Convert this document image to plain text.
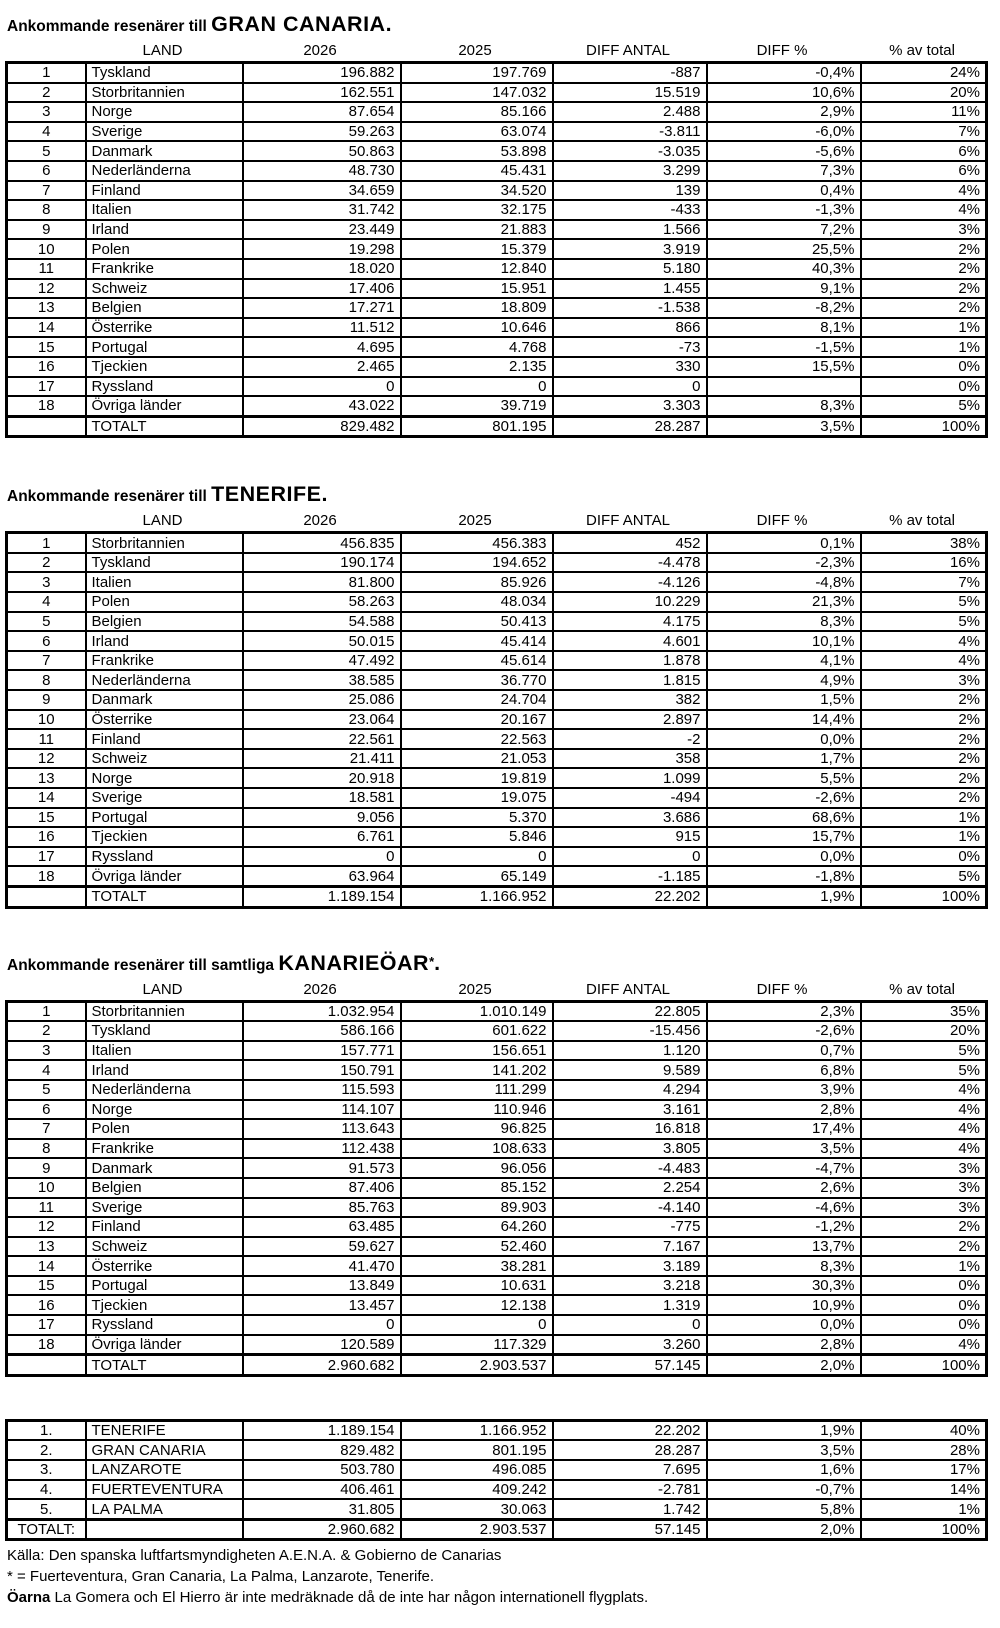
Ankommande resenärer till GRAN CANARIA.
	LAND	2026	2025	DIFF ANTAL	DIFF %	% av total
1	Tyskland	196.882	197.769	-887	-0,4%	24%
2	Storbritannien	162.551	147.032	15.519	10,6%	20%
3	Norge	87.654	85.166	2.488	2,9%	11%
4	Sverige	59.263	63.074	-3.811	-6,0%	7%
5	Danmark	50.863	53.898	-3.035	-5,6%	6%
6	Nederländerna	48.730	45.431	3.299	7,3%	6%
7	Finland	34.659	34.520	139	0,4%	4%
8	Italien	31.742	32.175	-433	-1,3%	4%
9	Irland	23.449	21.883	1.566	7,2%	3%
10	Polen	19.298	15.379	3.919	25,5%	2%
11	Frankrike	18.020	12.840	5.180	40,3%	2%
12	Schweiz	17.406	15.951	1.455	9,1%	2%
13	Belgien	17.271	18.809	-1.538	-8,2%	2%
14	Österrike	11.512	10.646	866	8,1%	1%
15	Portugal	4.695	4.768	-73	-1,5%	1%
16	Tjeckien	2.465	2.135	330	15,5%	0%
17	Ryssland	0	0	0		0%
18	Övriga länder	43.022	39.719	3.303	8,3%	5%
	TOTALT	829.482	801.195	28.287	3,5%	100%
Ankommande resenärer till TENERIFE.
	LAND	2026	2025	DIFF ANTAL	DIFF %	% av total
1	Storbritannien	456.835	456.383	452	0,1%	38%
2	Tyskland	190.174	194.652	-4.478	-2,3%	16%
3	Italien	81.800	85.926	-4.126	-4,8%	7%
4	Polen	58.263	48.034	10.229	21,3%	5%
5	Belgien	54.588	50.413	4.175	8,3%	5%
6	Irland	50.015	45.414	4.601	10,1%	4%
7	Frankrike	47.492	45.614	1.878	4,1%	4%
8	Nederländerna	38.585	36.770	1.815	4,9%	3%
9	Danmark	25.086	24.704	382	1,5%	2%
10	Österrike	23.064	20.167	2.897	14,4%	2%
11	Finland	22.561	22.563	-2	0,0%	2%
12	Schweiz	21.411	21.053	358	1,7%	2%
13	Norge	20.918	19.819	1.099	5,5%	2%
14	Sverige	18.581	19.075	-494	-2,6%	2%
15	Portugal	9.056	5.370	3.686	68,6%	1%
16	Tjeckien	6.761	5.846	915	15,7%	1%
17	Ryssland	0	0	0	0,0%	0%
18	Övriga länder	63.964	65.149	-1.185	-1,8%	5%
	TOTALT	1.189.154	1.166.952	22.202	1,9%	100%
Ankommande resenärer till samtliga KANARIEÖAR*.
	LAND	2026	2025	DIFF ANTAL	DIFF %	% av total
1	Storbritannien	1.032.954	1.010.149	22.805	2,3%	35%
2	Tyskland	586.166	601.622	-15.456	-2,6%	20%
3	Italien	157.771	156.651	1.120	0,7%	5%
4	Irland	150.791	141.202	9.589	6,8%	5%
5	Nederländerna	115.593	111.299	4.294	3,9%	4%
6	Norge	114.107	110.946	3.161	2,8%	4%
7	Polen	113.643	96.825	16.818	17,4%	4%
8	Frankrike	112.438	108.633	3.805	3,5%	4%
9	Danmark	91.573	96.056	-4.483	-4,7%	3%
10	Belgien	87.406	85.152	2.254	2,6%	3%
11	Sverige	85.763	89.903	-4.140	-4,6%	3%
12	Finland	63.485	64.260	-775	-1,2%	2%
13	Schweiz	59.627	52.460	7.167	13,7%	2%
14	Österrike	41.470	38.281	3.189	8,3%	1%
15	Portugal	13.849	10.631	3.218	30,3%	0%
16	Tjeckien	13.457	12.138	1.319	10,9%	0%
17	Ryssland	0	0	0	0,0%	0%
18	Övriga länder	120.589	117.329	3.260	2,8%	4%
	TOTALT	2.960.682	2.903.537	57.145	2,0%	100%
1.	TENERIFE	1.189.154	1.166.952	22.202	1,9%	40%
2.	GRAN CANARIA	829.482	801.195	28.287	3,5%	28%
3.	LANZAROTE	503.780	496.085	7.695	1,6%	17%
4.	FUERTEVENTURA	406.461	409.242	-2.781	-0,7%	14%
5.	LA PALMA	31.805	30.063	1.742	5,8%	1%
TOTALT:		2.960.682	2.903.537	57.145	2,0%	100%
Källa: Den spanska luftfartsmyndigheten A.E.N.A. & Gobierno de Canarias
* = Fuerteventura, Gran Canaria, La Palma, Lanzarote, Tenerife.
Öarna La Gomera och El Hierro är inte medräknade då de inte har någon internationell flygplats.
